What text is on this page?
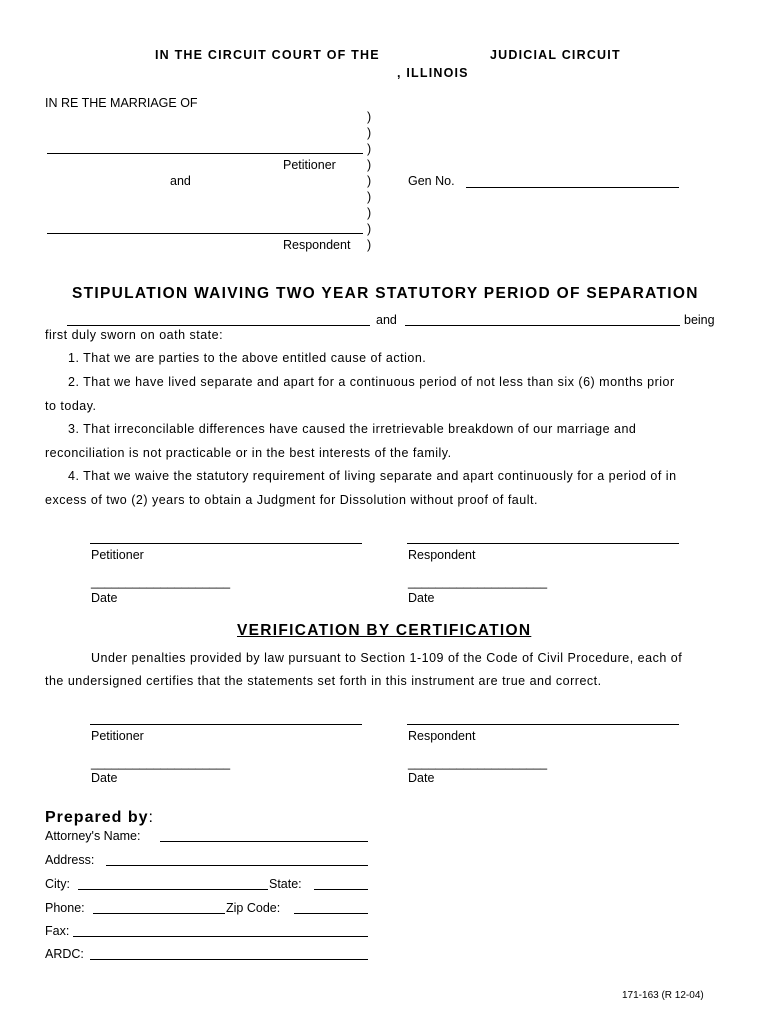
IN THE CIRCUIT COURT OF THE	JUDICIAL CIRCUIT
, ILLINOIS
IN RE THE MARRIAGE OF
)
)
)
)
)
)
)
)
)
Petitioner
and	Gen No.
Respondent
STIPULATION WAIVING TWO YEAR STATUTORY PERIOD OF SEPARATION
and	being
first duly sworn on oath state:
1. That we are parties to the above entitled cause of action.
2. That we have lived separate and apart for a continuous period of not less than six (6) months prior
to today.
3. That irreconcilable differences have caused the irretrievable breakdown of our marriage and
reconciliation is not practicable or in the best interests of the family.
4. That we waive the statutory requirement of living separate and apart continuously for a period of in
excess of two (2) years to obtain a Judgment for Dissolution without proof of fault.
Petitioner	Respondent
____________________	____________________
Date	Date
VERIFICATION BY CERTIFICATION
Under penalties provided by law pursuant to Section 1-109 of the Code of Civil Procedure, each of
the undersigned certifies that the statements set forth in this instrument are true and correct.
Petitioner	Respondent
____________________	____________________
Date	Date
Prepared by:
Attorney's Name:
Address:
City:	State:
Phone:	Zip Code:
Fax:
ARDC:
171-163 (R 12-04)
